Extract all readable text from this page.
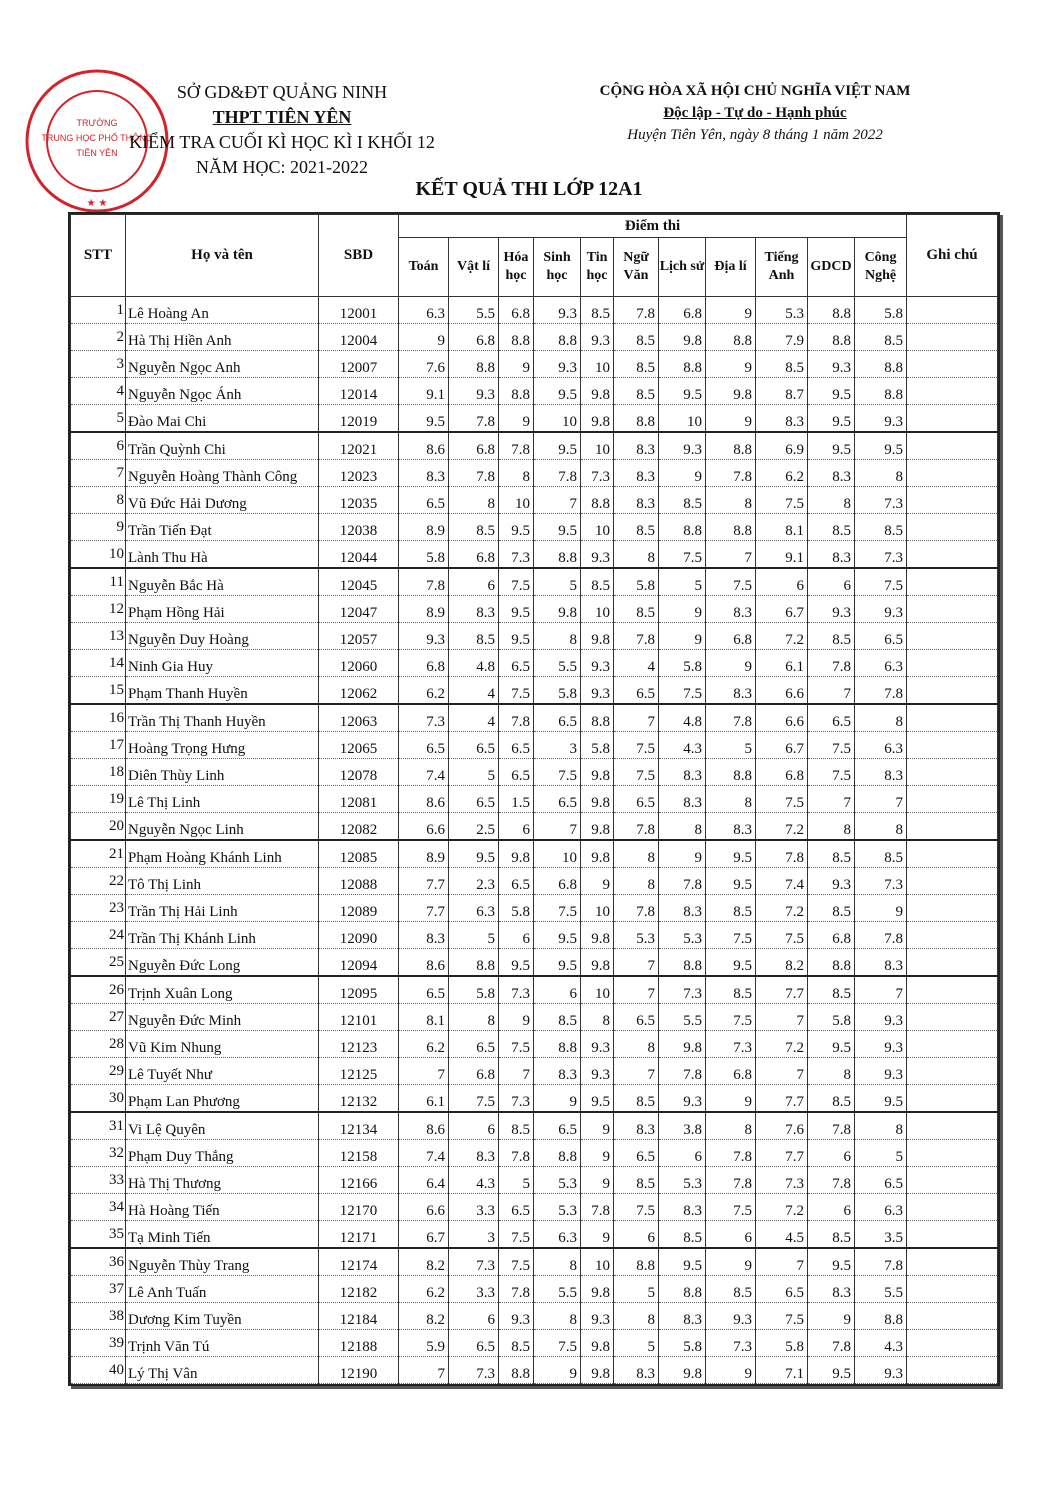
TRƯỜNG
TRUNG HỌC PHỔ THÔNG
TIÊN YÊN
★ ★
SỞ GD&ĐT QUẢNG NINH
THPT TIÊN YÊN
KIỂM TRA CUỐI KÌ HỌC KÌ I KHỐI 12
NĂM HỌC: 2021-2022
CỘNG HÒA XÃ HỘI CHỦ NGHĨA VIỆT NAM
Độc lập - Tự do - Hạnh phúc
Huyện Tiên Yên, ngày 8 tháng 1 năm 2022
KẾT QUẢ THI LỚP 12A1
STT	Họ và tên	SBD	Điểm thi											Ghi chú
			Toán	Vật lí	Hóa học	Sinh học	Tin học	Ngữ Văn	Lịch sử	Địa lí	Tiếng Anh	GDCD	Công Nghệ	
1	Lê Hoàng An	12001	6.3	5.5	6.8	9.3	8.5	7.8	6.8	9	5.3	8.8	5.8	
2	Hà Thị Hiền Anh	12004	9	6.8	8.8	8.8	9.3	8.5	9.8	8.8	7.9	8.8	8.5	
3	Nguyễn Ngọc Anh	12007	7.6	8.8	9	9.3	10	8.5	8.8	9	8.5	9.3	8.8	
4	Nguyễn Ngọc Ánh	12014	9.1	9.3	8.8	9.5	9.8	8.5	9.5	9.8	8.7	9.5	8.8	
5	Đào Mai Chi	12019	9.5	7.8	9	10	9.8	8.8	10	9	8.3	9.5	9.3	
6	Trần Quỳnh Chi	12021	8.6	6.8	7.8	9.5	10	8.3	9.3	8.8	6.9	9.5	9.5	
7	Nguyễn Hoàng Thành Công	12023	8.3	7.8	8	7.8	7.3	8.3	9	7.8	6.2	8.3	8	
8	Vũ Đức Hải Dương	12035	6.5	8	10	7	8.8	8.3	8.5	8	7.5	8	7.3	
9	Trần Tiến Đạt	12038	8.9	8.5	9.5	9.5	10	8.5	8.8	8.8	8.1	8.5	8.5	
10	Lành Thu Hà	12044	5.8	6.8	7.3	8.8	9.3	8	7.5	7	9.1	8.3	7.3	
11	Nguyễn Bắc Hà	12045	7.8	6	7.5	5	8.5	5.8	5	7.5	6	6	7.5	
12	Phạm Hồng Hải	12047	8.9	8.3	9.5	9.8	10	8.5	9	8.3	6.7	9.3	9.3	
13	Nguyễn Duy Hoàng	12057	9.3	8.5	9.5	8	9.8	7.8	9	6.8	7.2	8.5	6.5	
14	Ninh Gia Huy	12060	6.8	4.8	6.5	5.5	9.3	4	5.8	9	6.1	7.8	6.3	
15	Phạm Thanh Huyền	12062	6.2	4	7.5	5.8	9.3	6.5	7.5	8.3	6.6	7	7.8	
16	Trần Thị Thanh Huyền	12063	7.3	4	7.8	6.5	8.8	7	4.8	7.8	6.6	6.5	8	
17	Hoàng Trọng Hưng	12065	6.5	6.5	6.5	3	5.8	7.5	4.3	5	6.7	7.5	6.3	
18	Diên Thùy Linh	12078	7.4	5	6.5	7.5	9.8	7.5	8.3	8.8	6.8	7.5	8.3	
19	Lê Thị Linh	12081	8.6	6.5	1.5	6.5	9.8	6.5	8.3	8	7.5	7	7	
20	Nguyễn Ngọc Linh	12082	6.6	2.5	6	7	9.8	7.8	8	8.3	7.2	8	8	
21	Phạm Hoàng Khánh Linh	12085	8.9	9.5	9.8	10	9.8	8	9	9.5	7.8	8.5	8.5	
22	Tô Thị Linh	12088	7.7	2.3	6.5	6.8	9	8	7.8	9.5	7.4	9.3	7.3	
23	Trần Thị Hải Linh	12089	7.7	6.3	5.8	7.5	10	7.8	8.3	8.5	7.2	8.5	9	
24	Trần Thị Khánh Linh	12090	8.3	5	6	9.5	9.8	5.3	5.3	7.5	7.5	6.8	7.8	
25	Nguyễn Đức Long	12094	8.6	8.8	9.5	9.5	9.8	7	8.8	9.5	8.2	8.8	8.3	
26	Trịnh Xuân Long	12095	6.5	5.8	7.3	6	10	7	7.3	8.5	7.7	8.5	7	
27	Nguyễn Đức Minh	12101	8.1	8	9	8.5	8	6.5	5.5	7.5	7	5.8	9.3	
28	Vũ Kim Nhung	12123	6.2	6.5	7.5	8.8	9.3	8	9.8	7.3	7.2	9.5	9.3	
29	Lê Tuyết Như	12125	7	6.8	7	8.3	9.3	7	7.8	6.8	7	8	9.3	
30	Phạm Lan Phương	12132	6.1	7.5	7.3	9	9.5	8.5	9.3	9	7.7	8.5	9.5	
31	Vi Lệ Quyên	12134	8.6	6	8.5	6.5	9	8.3	3.8	8	7.6	7.8	8	
32	Phạm Duy Thắng	12158	7.4	8.3	7.8	8.8	9	6.5	6	7.8	7.7	6	5	
33	Hà Thị Thương	12166	6.4	4.3	5	5.3	9	8.5	5.3	7.8	7.3	7.8	6.5	
34	Hà Hoàng Tiến	12170	6.6	3.3	6.5	5.3	7.8	7.5	8.3	7.5	7.2	6	6.3	
35	Tạ Minh Tiến	12171	6.7	3	7.5	6.3	9	6	8.5	6	4.5	8.5	3.5	
36	Nguyễn Thùy Trang	12174	8.2	7.3	7.5	8	10	8.8	9.5	9	7	9.5	7.8	
37	Lê Anh Tuấn	12182	6.2	3.3	7.8	5.5	9.8	5	8.8	8.5	6.5	8.3	5.5	
38	Dương Kim Tuyền	12184	8.2	6	9.3	8	9.3	8	8.3	9.3	7.5	9	8.8	
39	Trịnh Văn Tú	12188	5.9	6.5	8.5	7.5	9.8	5	5.8	7.3	5.8	7.8	4.3	
40	Lý Thị Vân	12190	7	7.3	8.8	9	9.8	8.3	9.8	9	7.1	9.5	9.3	
